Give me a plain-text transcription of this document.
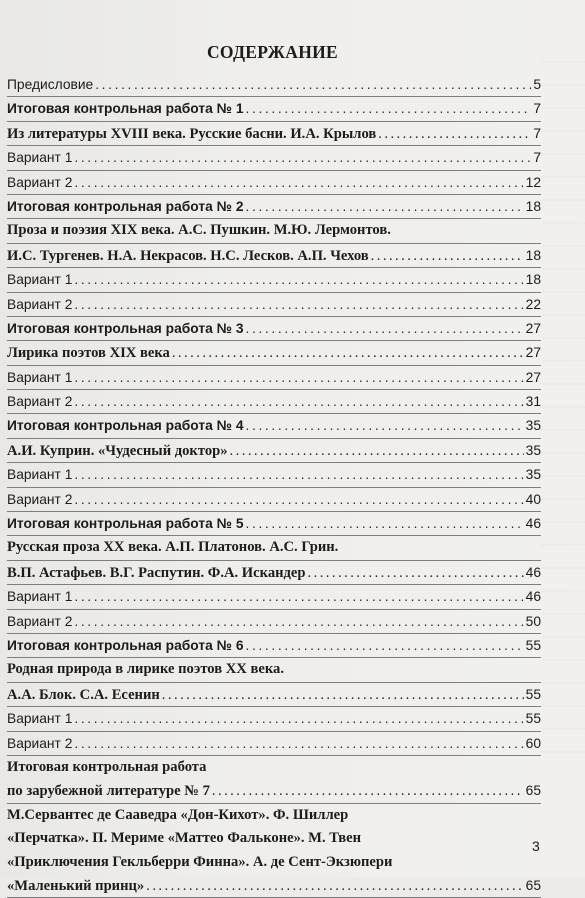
СОДЕРЖАНИЕ
Предисловие . . .	5
Итоговая контрольная работа № 1 . . .	7
Из литературы XVIII века. Русские басни. И.А. Крылов . . .	7
Вариант 1 . . .	7
Вариант 2 . . .	12
Итоговая контрольная работа № 2 . . .	18
Проза и поэзия XIX века. А.С. Пушкин. М.Ю. Лермонтов.
И.С. Тургенев. Н.А. Некрасов. Н.С. Лесков. А.П. Чехов . . .	18
Вариант 1 . . .	18
Вариант 2 . . .	22
Итоговая контрольная работа № 3 . . .	27
Лирика поэтов XIX века . . .	27
Вариант 1 . . .	27
Вариант 2 . . .	31
Итоговая контрольная работа № 4 . . .	35
А.И. Куприн. «Чудесный доктор» . . .	35
Вариант 1 . . .	35
Вариант 2 . . .	40
Итоговая контрольная работа № 5 . . .	46
Русская проза XX века. А.П. Платонов. А.С. Грин.
В.П. Астафьев. В.Г. Распутин. Ф.А. Искандер . . .	46
Вариант 1 . . .	46
Вариант 2 . . .	50
Итоговая контрольная работа № 6 . . .	55
Родная природа в лирике поэтов XX века.
А.А. Блок. С.А. Есенин . . .	55
Вариант 1 . . .	55
Вариант 2 . . .	60
Итоговая контрольная работа
по зарубежной литературе № 7 . . .	65
М.Сервантес де Сааведра «Дон-Кихот». Ф. Шиллер
«Перчатка». П. Мериме «Маттео Фальконе». М. Твен
«Приключения Гекльберри Финна». А. де Сент-Экзюпери
«Маленький принц» . . .	65
3
